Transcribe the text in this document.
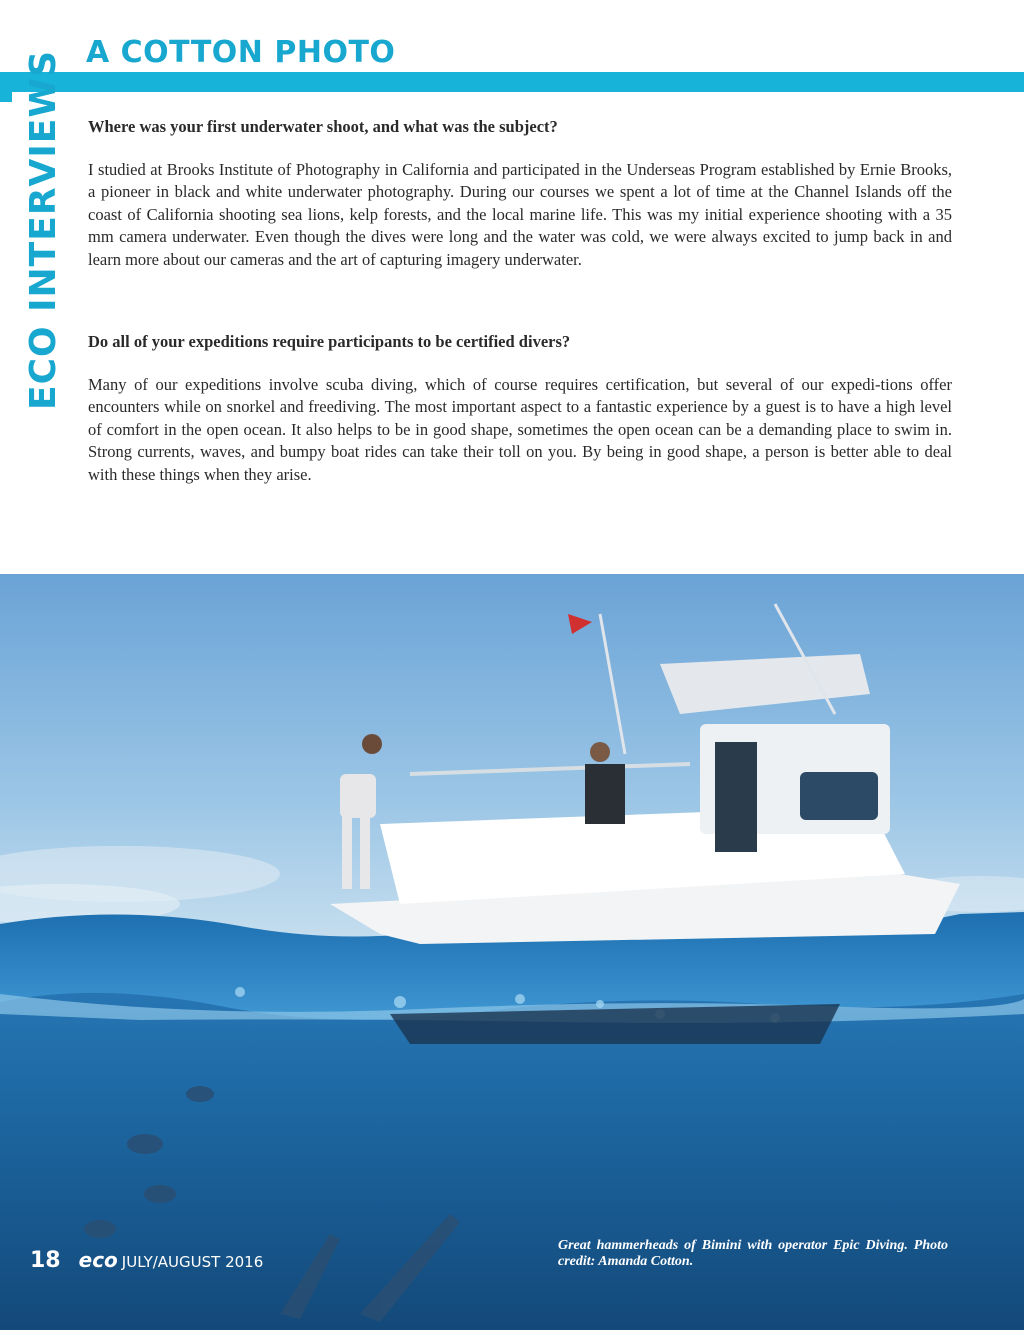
ECO INTERVIEWS A COTTON PHOTO

Where was your first underwater shoot, and what was the subject?

I studied at Brooks Institute of Photography in California and participated in the Underseas Program established by Ernie Brooks, a pioneer in black and white underwater photography. During our courses we spent a lot of time at the Channel Islands off the coast of California shooting sea lions, kelp forests, and the local marine life. This was my initial experience shooting with a 35 mm camera underwater. Even though the dives were long and the water was cold, we were always excited to jump back in and learn more about our cameras and the art of capturing imagery underwater.

Do all of your expeditions require participants to be certified divers?

Many of our expeditions involve scuba diving, which of course requires certification, but several of our expedi-tions offer encounters while on snorkel and freediving. The most important aspect to a fantastic experience by a guest is to have a high level of comfort in the open ocean. It also helps to be in good shape, sometimes the open ocean can be a demanding place to swim in. Strong currents, waves, and bumpy boat rides can take their toll on you. By being in good shape, a person is better able to deal with these things when they arise.

Great hammerheads of Bimini with operator Epic Diving. Photo credit: Amanda Cotton.
18 eco JULY/AUGUST 2016
